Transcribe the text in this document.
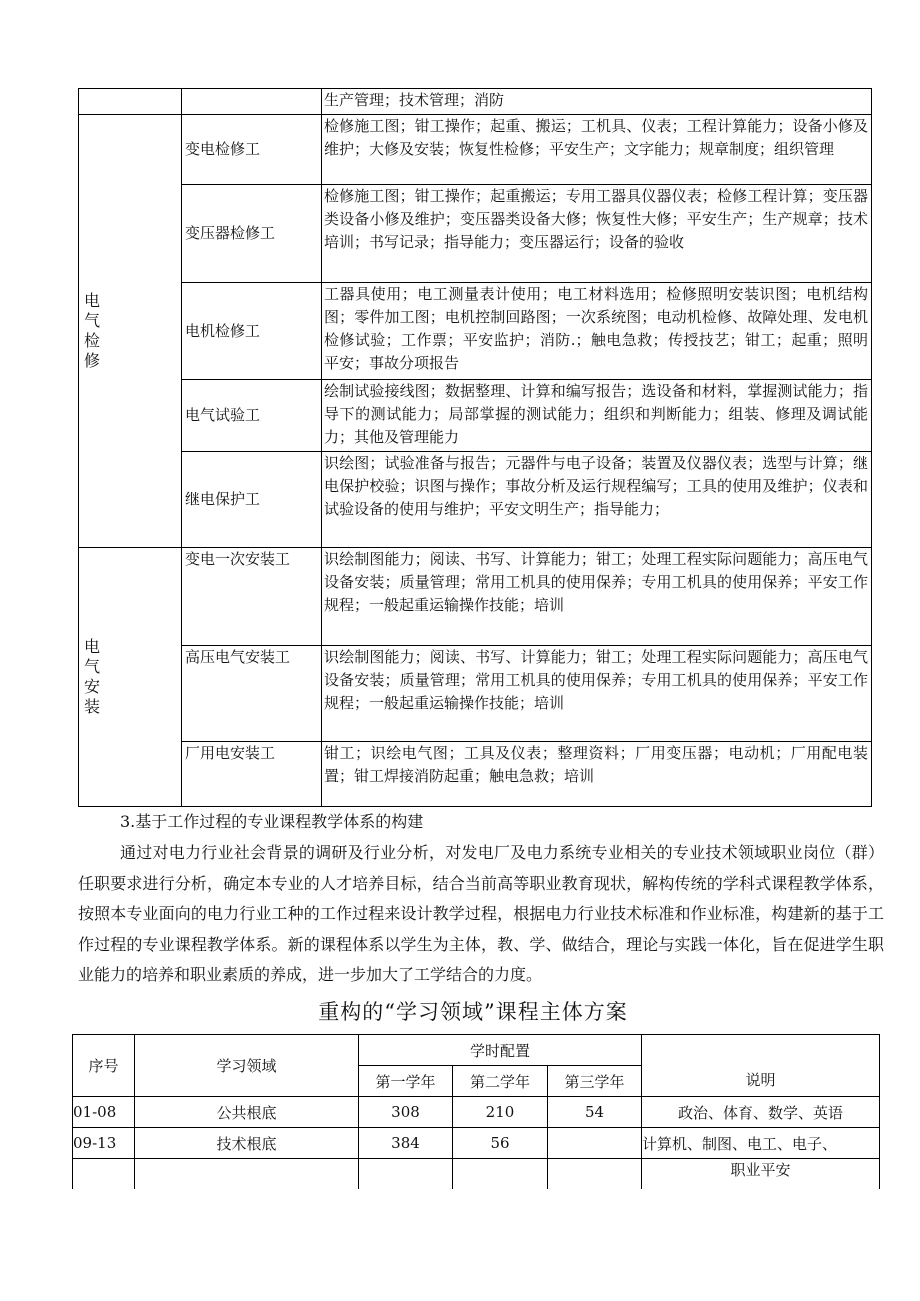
		生产管理；技术管理；消防

电气检修	变电检修工	检修施工图；钳工操作；起重、搬运；工机具、仪表；工程计算能力；设备小修及维护；大修及安装；恢复性检修；平安生产；文字能力；规章制度；组织管理
	变压器检修工	检修施工图；钳工操作；起重搬运；专用工器具仪器仪表；检修工程计算；变压器类设备小修及维护；变压器类设备大修；恢复性大修；平安生产；生产规章；技术培训；书写记录；指导能力；变压器运行；设备的验收
	电机检修工	工器具使用；电工测量表计使用；电工材料选用；检修照明安装识图；电机结构图；零件加工图；电机控制回路图；一次系统图；电动机检修、故障处理、发电机检修试验；工作票；平安监护；消防.；触电急救；传授技艺；钳工；起重；照明平安；事故分项报告
	电气试验工	绘制试验接线图；数据整理、计算和编写报告；选设备和材料，掌握测试能力；指导下的测试能力；局部掌握的测试能力；组织和判断能力；组装、修理及调试能力；其他及管理能力
	继电保护工	识绘图；试验准备与报告；元器件与电子设备；装置及仪器仪表；选型与计算；继电保护校验；识图与操作；事故分析及运行规程编写；工具的使用及维护；仪表和试验设备的使用与维护；平安文明生产；指导能力；

电气安装	变电一次安装工	识绘制图能力；阅读、书写、计算能力；钳工；处理工程实际问题能力；高压电气设备安装；质量管理；常用工机具的使用保养；专用工机具的使用保养；平安工作规程；一般起重运输操作技能；培训
	高压电气安装工	识绘制图能力；阅读、书写、计算能力；钳工；处理工程实际问题能力；高压电气设备安装；质量管理；常用工机具的使用保养；专用工机具的使用保养；平安工作规程；一般起重运输操作技能；培训
	厂用电安装工	钳工；识绘电气图；工具及仪表；整理资料；厂用变压器；电动机；厂用配电装置；钳工焊接消防起重；触电急救；培训
3.基于工作过程的专业课程教学体系的构建
通过对电力行业社会背景的调研及行业分析，对发电厂及电力系统专业相关的专业技术领域职业岗位（群）任职要求进行分析，确定本专业的人才培养目标，结合当前高等职业教育现状，解构传统的学科式课程教学体系，按照本专业面向的电力行业工种的工作过程来设计教学过程，根据电力行业技术标准和作业标准，构建新的基于工作过程的专业课程教学体系。新的课程体系以学生为主体，教、学、做结合，理论与实践一体化，旨在促进学生职业能力的培养和职业素质的养成，进一步加大了工学结合的力度。
重构的“学习领域”课程主体方案
序号	学习领域	学时配置			说明
		第一学年	第二学年	第三学年	
01-08	公共根底	308	210	54	政治、体育、数学、英语
09-13	技术根底	384	56		计算机、制图、电工、电子、
					职业平安
